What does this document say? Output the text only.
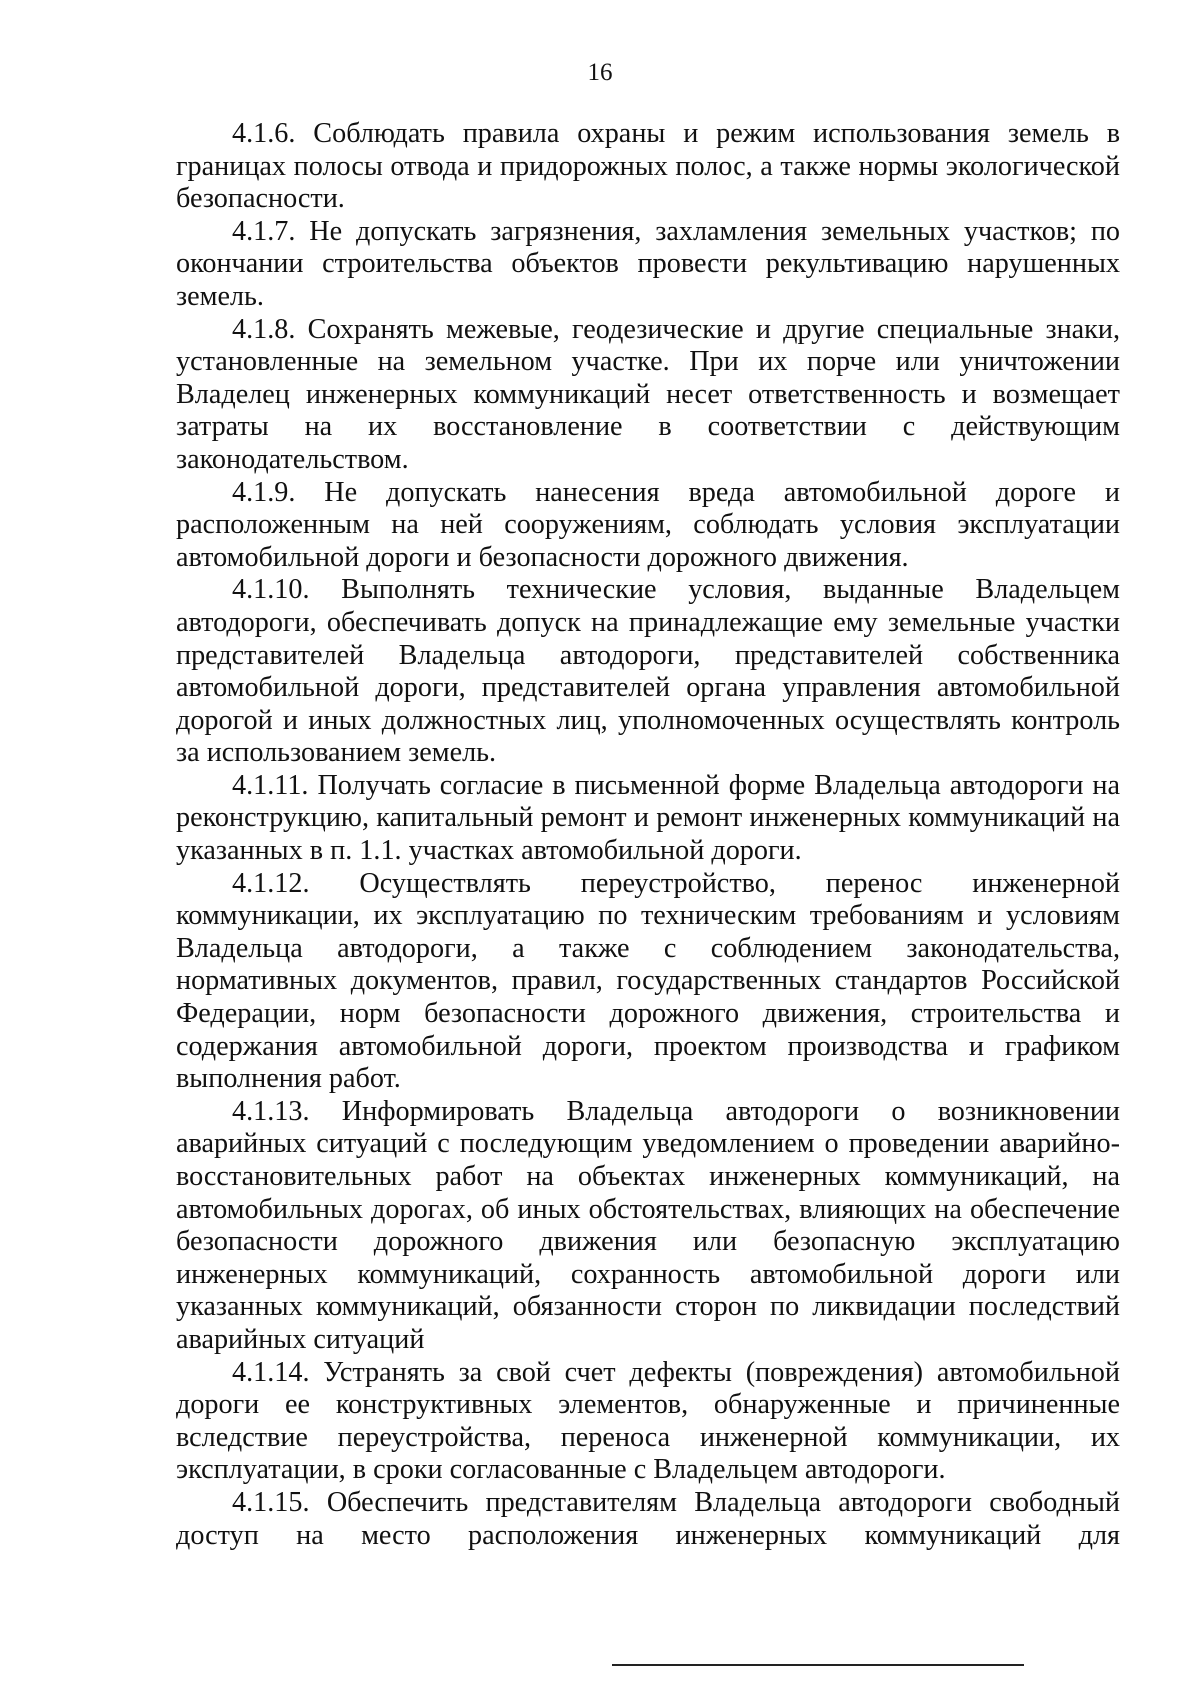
16

4.1.6. Соблюдать правила охраны и режим использования земель в границах полосы отвода и придорожных полос, а также нормы экологической безопасности.

4.1.7. Не допускать загрязнения, захламления земельных участков; по окончании строительства объектов провести рекультивацию нарушенных земель.

4.1.8. Сохранять межевые, геодезические и другие специальные знаки, установленные на земельном участке. При их порче или уничтожении Владелец инженерных коммуникаций несет ответственность и возмещает затраты на их восстановление в соответствии с действующим законодательством.

4.1.9. Не допускать нанесения вреда автомобильной дороге и расположенным на ней сооружениям, соблюдать условия эксплуатации автомобильной дороги и безопасности дорожного движения.

4.1.10. Выполнять технические условия, выданные Владельцем автодороги, обеспечивать допуск на принадлежащие ему земельные участки представителей Владельца автодороги, представителей собственника автомобильной дороги, представителей органа управления автомобильной дорогой и иных должностных лиц, уполномоченных осуществлять контроль за использованием земель.

4.1.11. Получать согласие в письменной форме Владельца автодороги на реконструкцию, капитальный ремонт и ремонт инженерных коммуникаций на указанных в п. 1.1. участках автомобильной дороги.

4.1.12. Осуществлять переустройство, перенос инженерной коммуникации, их эксплуатацию по техническим требованиям и условиям Владельца автодороги, а также с соблюдением законодательства, нормативных документов, правил, государственных стандартов Российской Федерации, норм безопасности дорожного движения, строительства и содержания автомобильной дороги, проектом производства и графиком выполнения работ.

4.1.13. Информировать Владельца автодороги о возникновении аварийных ситуаций с последующим уведомлением о проведении аварийно-восстановительных работ на объектах инженерных коммуникаций, на автомобильных дорогах, об иных обстоятельствах, влияющих на обеспечение безопасности дорожного движения или безопасную эксплуатацию инженерных коммуникаций, сохранность автомобильной дороги или указанных коммуникаций, обязанности сторон по ликвидации последствий аварийных ситуаций

4.1.14. Устранять за свой счет дефекты (повреждения) автомобильной дороги ее конструктивных элементов, обнаруженные и причиненные вследствие переустройства, переноса инженерной коммуникации, их эксплуатации, в сроки согласованные с Владельцем автодороги.

4.1.15. Обеспечить представителям Владельца автодороги свободный доступ на место расположения инженерных коммуникаций для
